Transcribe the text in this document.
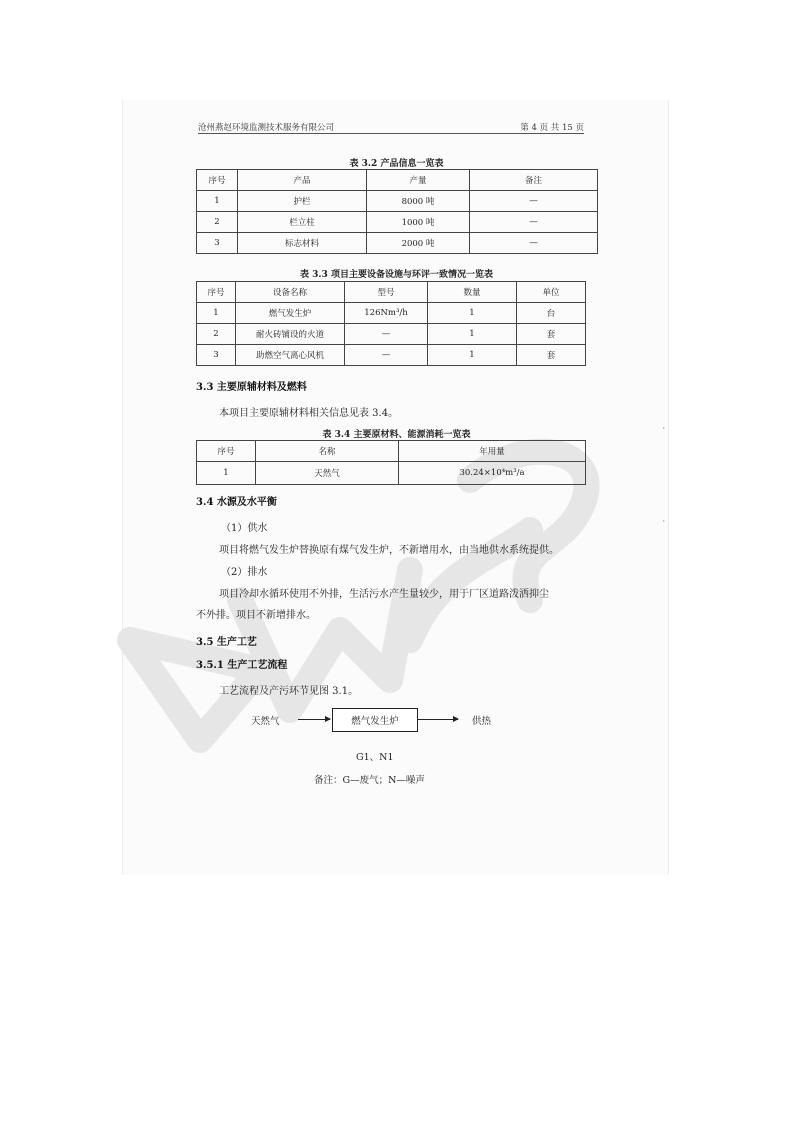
沧州燕赵环境监测技术服务有限公司	第 4 页 共 15 页
表 3.2 产品信息一览表
序号	产品	产量	备注
1	护栏	8000 吨	—
2	栏立柱	1000 吨	—
3	标志材料	2000 吨	—
表 3.3 项目主要设备设施与环评一致情况一览表
序号	设备名称	型号	数量	单位
1	燃气发生炉	126Nm³/h	1	台
2	耐火砖铺设的火道	—	1	套
3	助燃空气离心风机	—	1	套
3.3 主要原辅材料及燃料
本项目主要原辅材料相关信息见表 3.4。
表 3.4 主要原材料、能源消耗一览表
序号	名称	年用量
1	天然气	30.24×10⁴m³/a
3.4 水源及水平衡
（1）供水
项目将燃气发生炉替换原有煤气发生炉，不新增用水，由当地供水系统提供。
（2）排水
项目冷却水循环使用不外排，生活污水产生量较少，用于厂区道路泼洒抑尘
不外排。项目不新增排水。
3.5 生产工艺
3.5.1 生产工艺流程
工艺流程及产污环节见图 3.1。
天然气	燃气发生炉	供热
G1、N1
备注：G—废气；N—噪声
·
·
